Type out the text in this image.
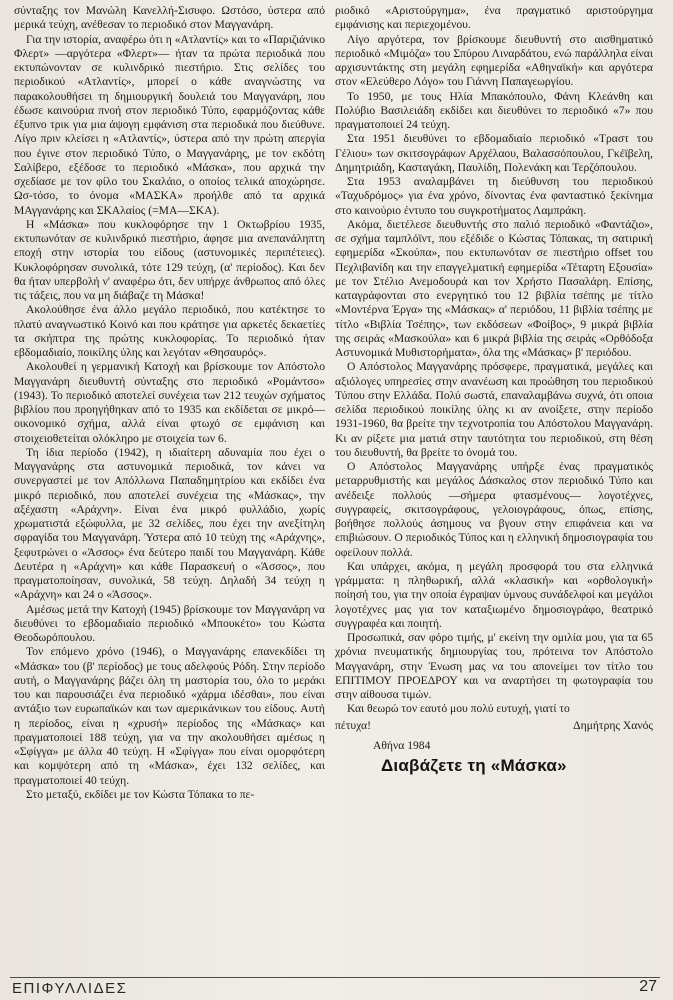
σύνταξης τον Μανώλη Κανελλή-Σισυφο. Ωστόσο, ύστερα από μερικά τεύχη, ανέθεσαν το περιοδικό στον Μαγγανάρη.

Για την ιστορία, αναφέρω ότι η «Ατλαντίς» και το «Παριζιάνικο Φλερτ» —αργότερα «Φλερτ»— ήταν τα πρώτα περιοδικά που εκτυπώνονταν σε κυλινδρικό πιεστήριο. Στις σελίδες του περιοδικού «Ατλαντίς», μπορεί ο κάθε αναγνώστης να παρακολουθήσει τη δημιουργική δουλειά του Μαγγανάρη, που έδωσε καινούρια πνοή στον περιοδικό Τύπο, εφαρμόζοντας κάθε έξυπνο τρικ για μια άψογη εμφάνιση στα περιοδικά που διεύθυνε. Λίγο πριν κλείσει η «Ατλαντίς», ύστερα από την πρώτη απεργία που έγινε στον περιοδικό Τύπο, ο Μαγγανάρης, με τον εκδότη Σαλίβερο, εξέδοσε το περιοδικό «Μάσκα», που αρχικά την σχεδίασε με τον φίλο του Σκαλάιο, ο οποίος τελικά αποχώρησε. Ωσ-τόσο, το όνομα «ΜΑΣΚΑ» προήλθε από τα αρχικά ΜΑγγανάρης και ΣΚΑλαίος (=ΜΑ—ΣΚΑ).

Η «Μάσκα» που κυκλοφόρησε την 1 Οκτωβρίου 1935, εκτυπωνόταν σε κυλινδρικό πιεστήριο, άφησε μια ανεπανάληπτη εποχή στην ιστορία του είδους (αστυνομικές περιπέτειες). Κυκλοφόρησαν συνολικά, τότε 129 τεύχη, (α' περίοδος). Και δεν θα ήταν υπερβολή ν' αναφέρω ότι, δεν υπήρχε άνθρωπος από όλες τις τάξεις, που να μη διάβαζε τη Μάσκα!

Ακολούθησε ένα άλλο μεγάλο περιοδικό, που κατέκτησε το πλατύ αναγνωστικό Κοινό και που κράτησε για αρκετές δεκαετίες τα σκήπτρα της πρώτης κυκλοφορίας. Το περιοδικό ήταν εβδομαδιαίο, ποικίλης ύλης και λεγόταν «Θησαυρός».

Ακολουθεί η γερμανική Κατοχή και βρίσκουμε τον Απόστολο Μαγγανάρη διευθυντή σύνταξης στο περιοδικό «Ρομάντσο» (1943). Το περιοδικό αποτελεί συνέχεια των 212 τευχών σχήματος βιβλίου που προηγήθηκαν από το 1935 και εκδίδεται σε μικρό—οικονομικό σχήμα, αλλά είναι φτωχό σε εμφάνιση και στοιχειοθετείται ολόκληρο με στοιχεία των 6.

Τη ίδια περίοδο (1942), η ιδιαίτερη αδυναμία που έχει ο Μαγγανάρης στα αστυνομικά περιοδικά, τον κάνει να συνεργαστεί με τον Απόλλωνα Παπαδημητρίου και εκδίδει ένα μικρό περιοδικό, που αποτελεί συνέχεια της «Μάσκας», την αξέχαστη «Αράχνη». Είναι ένα μικρό φυλλάδιο, χωρίς χρωματιστά εξώφυλλα, με 32 σελίδες, που έχει την ανεξίτηλη σφραγίδα του Μαγγανάρη. Ύστερα από 10 τεύχη της «Αράχνης», ξεφυτρώνει ο «Άσσος» ένα δεύτερο παιδί του Μαγγανάρη. Κάθε Δευτέρα η «Αράχνη» και κάθε Παρασκευή ο «Άσσος», που πραγματοποίησαν, συνολικά, 58 τεύχη. Δηλαδή 34 τεύχη η «Αράχνη» και 24 ο «Άσσος».

Αμέσως μετά την Κατοχή (1945) βρίσκουμε τον Μαγγανάρη να διευθύνει το εβδομαδιαίο περιοδικό «Μπουκέτο» του Κώστα Θεοδωρόπουλου.

Τον επόμενο χρόνο (1946), ο Μαγγανάρης επανεκδίδει τη «Μάσκα» του (β' περίοδος) με τους αδελφούς Ρόδη. Στην περίοδο αυτή, ο Μαγγανάρης βάζει όλη τη μαστορία του, όλο το μεράκι του και παρουσιάζει ένα περιοδικό «χάρμα ιδέσθαι», που είναι αντάξιο των ευρωπαϊκών και των αμερικάνικων του είδους. Αυτή η περίοδος, είναι η «χρυσή» περίοδος της «Μάσκας» και πραγματοποιεί 188 τεύχη, για να την ακολουθήσει αμέσως η «Σφίγγα» με άλλα 40 τεύχη. Η «Σφίγγα» που είναι ομορφότερη και κομψότερη από τη «Μάσκα», έχει 132 σελίδες, και πραγματοποιεί 40 τεύχη.

Στο μεταξύ, εκδίδει με τον Κώστα Τόπακα το πε-

ριοδικό «Αριστούργημα», ένα πραγματικό αριστούργημα εμφάνισης και περιεχομένου.

Λίγο αργότερα, τον βρίσκουμε διευθυντή στο αισθηματικό περιοδικό «Μιμόζα» του Σπύρου Λιναρδάτου, ενώ παράλληλα είναι αρχισυντάκτης στη μεγάλη εφημερίδα «Αθηναϊκή» και αργότερα στον «Ελεύθερο Λόγο» του Γιάννη Παπαγεωργίου.

Το 1950, με τους Ηλία Μπακόπουλο, Φάνη Κλεάνθη και Πολύβιο Βασιλειάδη εκδίδει και διευθύνει το περιοδικό «7» που πραγματοποιεί 24 τεύχη.

Στα 1951 διευθύνει το εβδομαδιαίο περιοδικό «Τραστ του Γέλιου» των σκιτσογράφων Αρχέλαου, Βαλασσόπουλου, Γκέϊβελη, Δημητριάδη, Κασταγάκη, Παυλίδη, Πολενάκη και Τερζόπουλου.

Στα 1953 αναλαμβάνει τη διεύθυνση του περιοδικού «Ταχυδρόμος» για ένα χρόνο, δίνοντας ένα φανταστικό ξεκίνημα στο καινούριο έντυπο του συγκροτήματος Λαμπράκη.

Ακόμα, διετέλεσε διευθυντής στο παλιό περιοδικό «Φαντάζιο», σε σχήμα ταμπλόϊντ, που εξέδιδε ο Κώστας Τόπακας, τη σατιρική εφημερίδα «Σκούπα», που εκτυπωνόταν σε πιεστήριο offset του Πεχλιβανίδη και την επαγγελματική εφημερίδα «Τέταρτη Εξουσία» με τον Στέλιο Ανεμοδουρά και τον Χρήστο Πασαλάρη. Επίσης, καταγράφονται στο ενεργητικό του 12 βιβλία τσέπης με τίτλο «Μοντέρνα Έργα» της «Μάσκας» α' περιόδου, 11 βιβλία τσέπης με τίτλο «Βιβλία Τσέπης», των εκδόσεων «Φοίβος», 9 μικρά βιβλία της σειράς «Μασκούλα» και 6 μικρά βιβλία της σειράς «Ορθόδοξα Αστυνομικά Μυθιστορήματα», όλα της «Μάσκας» β' περιόδου.

Ο Απόστολος Μαγγανάρης πρόσφερε, πραγματικά, μεγάλες και αξιόλογες υπηρεσίες στην ανανέωση και προώθηση του περιοδικού Τύπου στην Ελλάδα. Πολύ σωστά, επαναλαμβάνω συχνά, ότι οποια σελίδα περιοδικού ποικίλης ύλης κι αν ανοίξετε, στην περίοδο 1931-1960, θα βρείτε την τεχνοτροπία του Απόστολου Μαγγανάρη. Κι αν ρίξετε μια ματιά στην ταυτότητα του περιοδικού, στη θέση του διευθυντή, θα βρείτε το όνομά του.

Ο Απόστολος Μαγγανάρης υπήρξε ένας πραγματικός μεταρρυθμιστής και μεγάλος Δάσκαλος στον περιοδικό Τύπο και ανέδειξε πολλούς —σήμερα φτασμένους— λογοτέχνες, συγγραφείς, σκιτσογράφους, γελοιογράφους, όπως, επίσης, βοήθησε πολλούς άσημους να βγουν στην επιφάνεια και να επιβιώσουν. Ο περιοδικός Τύπος και η ελληνική δημοσιογραφία του οφείλουν πολλά.

Και υπάρχει, ακόμα, η μεγάλη προσφορά του στα ελληνικά γράμματα: η πληθωρική, αλλά «κλασική» και «ορθολογική» ποίησή του, για την οποία έγραψαν ύμνους συνάδελφοί και μεγάλοι λογοτέχνες μας για τον καταξιωμένο δημοσιογράφο, θεατρικό συγγραφέα και ποιητή.

Προσωπικά, σαν φόρο τιμής, μ' εκείνη την ομιλία μου, για τα 65 χρόνια πνευματικής δημιουργίας του, πρότεινα τον Απόστολο Μαγγανάρη, στην Ένωση μας να του απονείμει τον τίτλο του ΕΠΙΤΙΜΟΥ ΠΡΟΕΔΡΟΥ και να αναρτήσει τη φωτογραφία του στην αίθουσα τιμών.

Και θεωρώ τον εαυτό μου πολύ ευτυχή, γιατί το

πέτυχα!	Δημήτρης Χανός
Αθήνα 1984
Διαβάζετε τη «Μάσκα»
ΕΠΙΦΥΛΛΙΔΕΣ	27
